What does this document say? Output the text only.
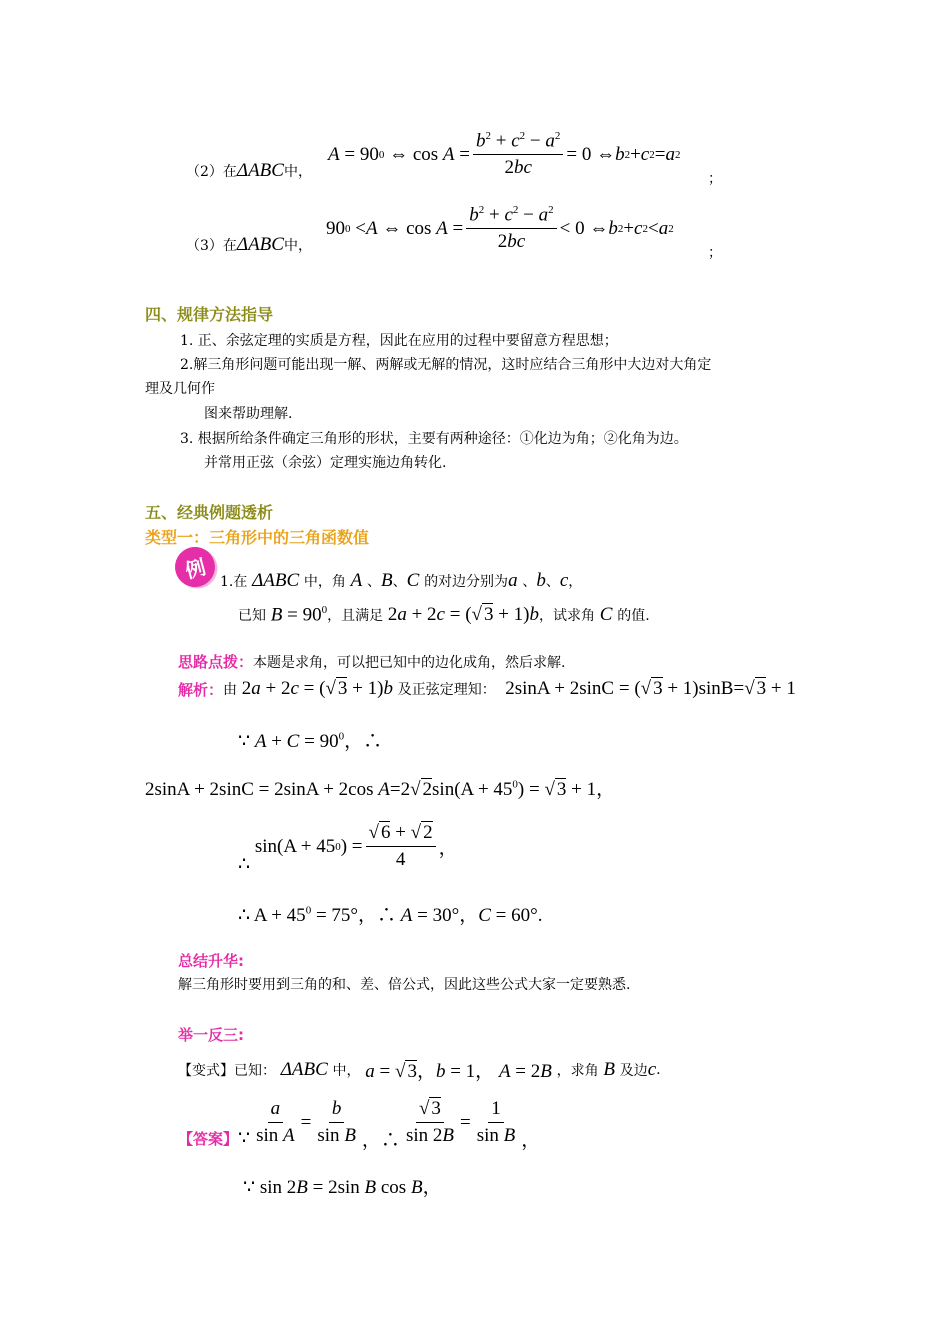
（2）在ΔABC中，
A = 90 0 ⇔ $\cos A = \frac{b^2 + c^2 - a^2}{2bc} = 0$ ⇔ b 2 + c 2 = a 2
；
（3）在ΔABC中，
90 0 < A ⇔ $\cos A = \frac{b^2 + c^2 - a^2}{2bc} < 0$ ⇔ b 2 + c 2 < a 2
；
四、规律方法指导
1. 正、余弦定理的实质是方程，因此在应用的过程中要留意方程思想；
2.解三角形问题可能出现一解、两解或无解的情况，这时应结合三角形中大边对大角定
理及几何作
图来帮助理解.
3. 根据所给条件确定三角形的形状，主要有两种途径：①化边为角；②化角为边。
并常用正弦（余弦）定理实施边角转化.
五、经典例题透析
类型一：三角形中的三角函数值
例 1.在 ΔABC 中，角 A 、 B 、 C 的对边分别为 a 、 b 、 c ，
已知 $B = 90^0$ ，且满足 2a + 2c = (√ 3 + 1)b ，试求角 C 的值.
思路点拨：本题是求角，可以把已知中的边化成角，然后求解.
解析： 由 2a + 2c = (√ 3 + 1)b 及正弦定理知： 2sinA + 2sinC = (√ 3 + 1)sinB=√ 3 + 1
∵ $A + C = 90^0$，∴
2sinA + 2sinC = 2sinA + 2cos A=2√ $2\sin(A + 45^0)$ = √ 3 + 1，
∴
sin(A + 45 0 ) = $\frac{√ 6 + √ 2}{4}$ ，
∴ $A + 45^0 = 75^\circ$，∴ A = 30°，C = 60°.
总结升华:
解三角形时要用到三角的和、差、倍公式，因此这些公式大家一定要熟悉.
举一反三:
【变式】 已知： ΔABC 中， a = √ 3，b = 1， A = 2B ，求角 B 及边 c .
【答案】 ∵ $\frac{a}{\text{sin A}} = \frac{b}{\text{sin B}}$ ，∴ $\frac{√ 3}{\sin 2B} = \frac{1}{\text{sin B}}$ ，
∵ sin 2B = 2sin B cos B，
